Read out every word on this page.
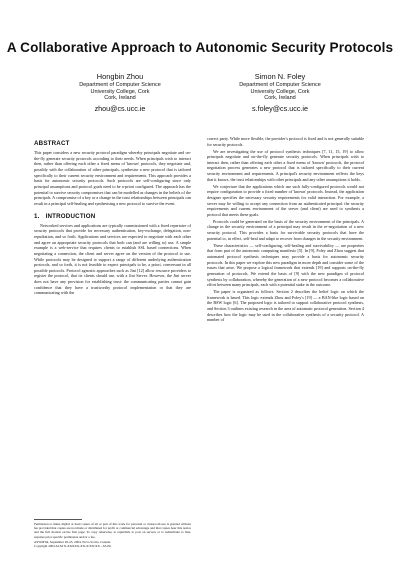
A Collaborative Approach to Autonomic Security Protocols
Hongbin Zhou
Department of Computer Science
University College, Cork
Cork, Ireland
zhou@cs.ucc.ie
Simon N. Foley
Department of Computer Science
University College, Cork
Cork, Ireland
s.foley@cs.ucc.ie
ABSTRACT

This paper considers a new security protocol paradigm whereby principals negotiate and on-the-fly generate security protocols according to their needs. When principals wish to interact then, rather than offering each other a fixed menu of 'known' protocols, they negotiate and, possibly with the collaboration of other principals, synthesise a new protocol that is tailored specifically to their current security environment and requirements. This approach provides a basis for autonomic security protocols. Such protocols are self-configuring since only principal assumptions and protocol goals need to be a-priori configured. The approach has the potential to survive security compromises that can be modelled as changes in the beliefs of the principals. A compromise of a key or a change in the trust relationships between principals can result in a principal self-healing and synthesising a new protocol to survive the event.

1. INTRODUCTION

Networked services and applications are typically commissioned with a fixed repertoire of security protocols that provide for necessary authentication, key-exchange, delegation, non-repudiation, and so forth. Applications and services are expected to negotiate with each other and agree on appropriate security protocols that both can (and are willing to) use. A simple example is a web-service that requires clients to establish SSL based connections. When negotiating a connection, the client and server agree on the version of the protocol to use. While protocols may be designed to support a range of different underlying authentication protocols, and so forth, it is not feasible to expect principals to be, a priori, conversant in all possible protocols. Protocol agnostic approaches such as Jini [12] allow resource providers to register the protocol, that its clients should use, with a Jini Server. However, the Jini server does not have any provision for establishing trust: the communicating parties cannot gain confidence that they have a trustworthy protocol implementation or that they are communicating with the

correct party. While more flexible, the provider's protocol is fixed and is not generally suitable for security protocols.

We are investigating the use of protocol synthesis techniques [7, 11, 15, 19] to allow principals negotiate and on-the-fly generate security protocols. When principals wish to interact then, rather than offering each other a fixed menu of 'known' protocols, the protocol negotiation process generates a new protocol that is tailored specifically to their current security environment and requirements. A principal's security environment reflects the keys that it knows, the trust relationships with other principals and any other assumptions it holds.

We conjecture that the applications which use such fully-configured protocols would not require configuration to provide a fixed number of 'known' protocols. Instead, the application designer specifies the necessary security requirements for valid interaction. For example, a server may be willing to accept any connection from an authenticated principal: the security requirements and current environment of the server (and client) are used to synthesis a protocol that meets these goals.

Protocols could be generated on the basis of the security environment of the principals. A change in the security environment of a principal may result in the re-negotiation of a new security protocol. This provides a basis for survivable security protocols that have the potential to, in effect, self-heal and adapt to recover from changes in the security environment.

These characteristics — self-configuring, self-healing and survivability — are properties that form part of the autonomic computing manifesto [5]. In [9], Foley and Zhou suggest that automated protocol synthesis techniques may provide a basis for autonomic security protocols. In this paper we explore this new paradigm in more depth and consider some of the issues that arise. We propose a logical framework that extends [19] and supports on-the-fly generation of protocols. We extend the basis of [9] with the new paradigm of protocol synthesis by collaboration, whereby the generation of a new protocol becomes a collaborative effort between many principals, each with a potential stake in the outcome.

The paper is organized as follows. Section 2 describes the belief logic on which the framework is based. This logic extends Zhou and Foley's [19] — a BAN-like logic based on the BSW logic [6]. The proposed logic is tailored to support collaborative protocol synthesis, and Section 3 outlines existing research in the area of automatic protocol generation. Section 4 describes how the logic may be used in the collaborative synthesis of a security protocol. A number of

Permission to make digital or hard copies of all or part of this work for personal or classroom use is granted without fee provided that copies are not made or distributed for profit or commercial advantage and that copies bear this notice and the full citation on the first page. To copy otherwise, to republish, to post on servers or to redistribute to lists, requires prior specific permission and/or a fee.

ASWM'04, September 20-23, 2004, Nova Scotia, Canada.

Copyright 2004 ACM X-XXXXX-XX-X/XX/XX ...$5.00.
